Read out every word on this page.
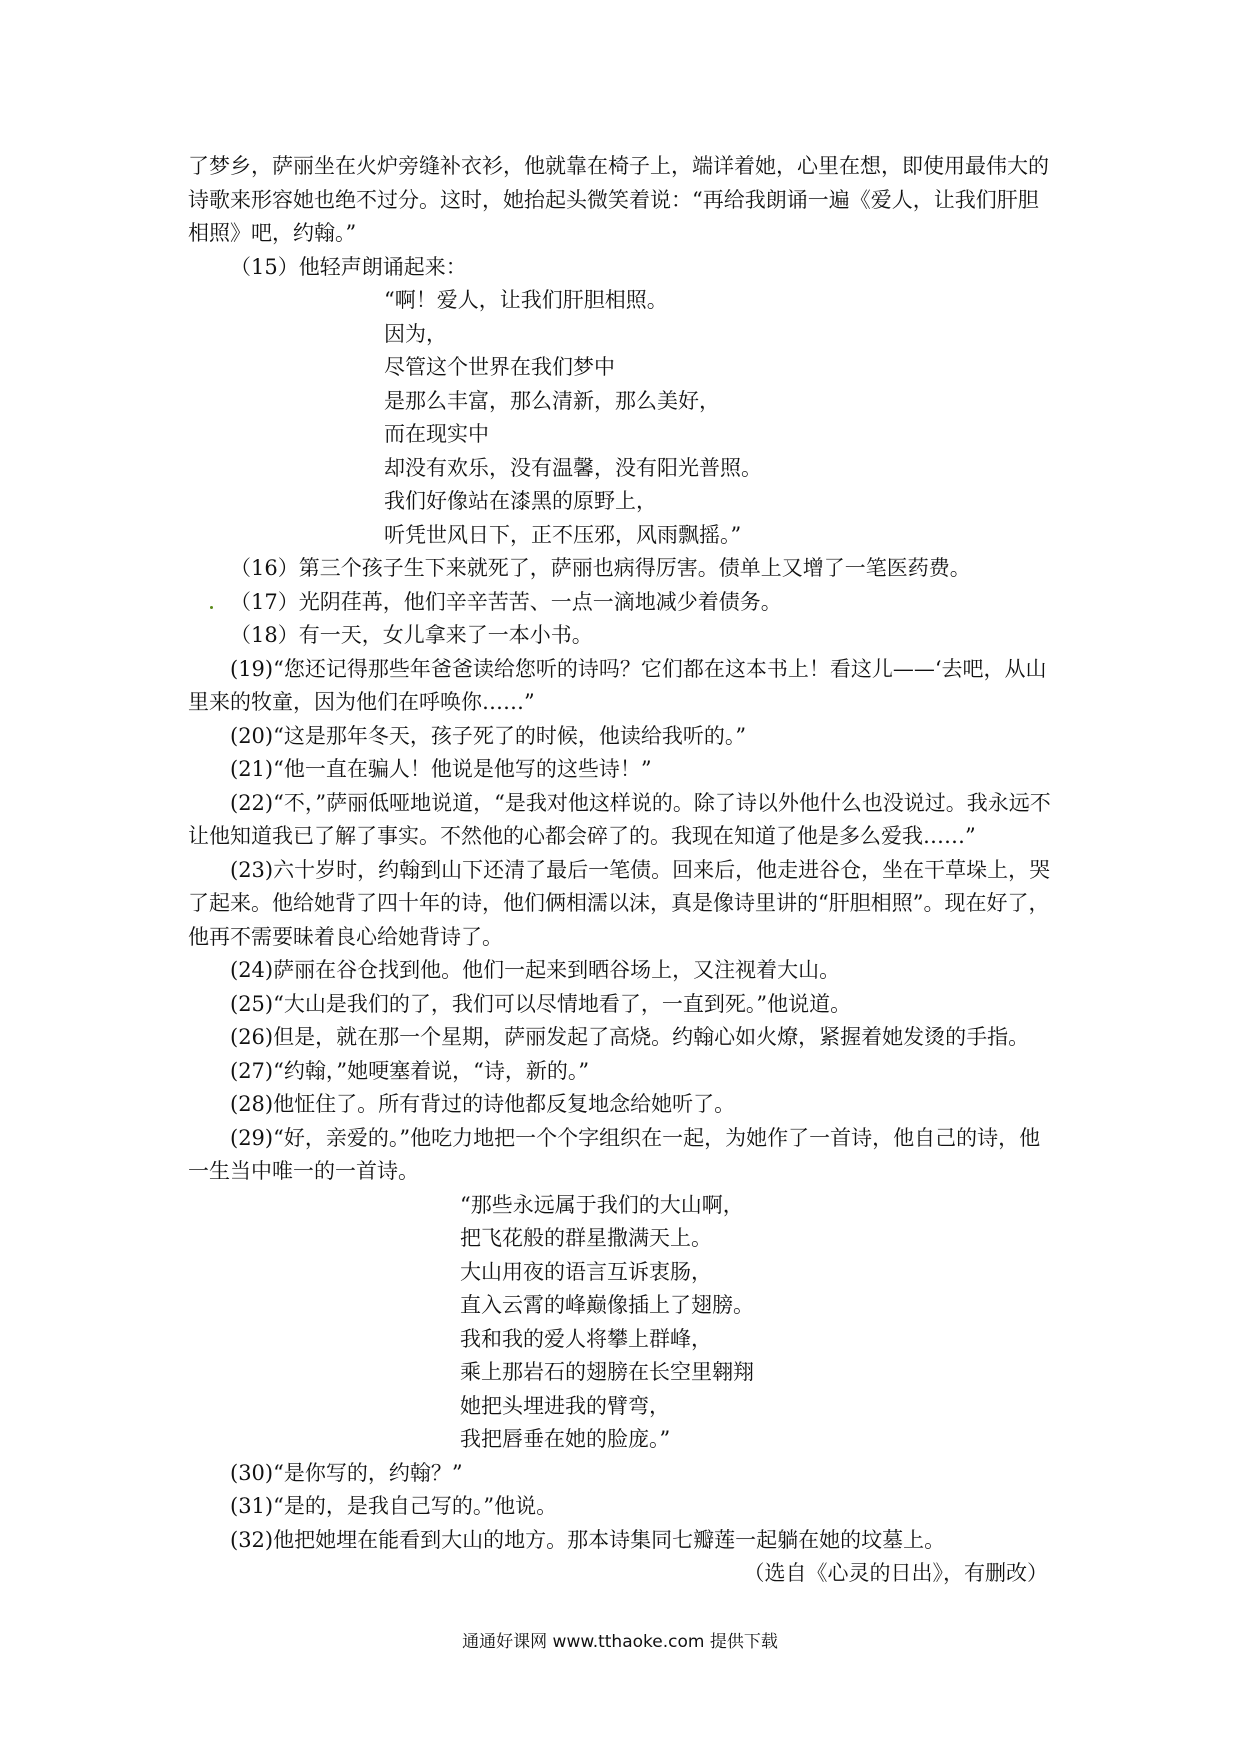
了梦乡，萨丽坐在火炉旁缝补衣衫，他就靠在椅子上，端详着她，心里在想，即使用最伟大的诗歌来形容她也绝不过分。这时，她抬起头微笑着说：“再给我朗诵一遍《爱人，让我们肝胆相照》吧，约翰。”

（15）他轻声朗诵起来：

“啊！爱人，让我们肝胆相照。
因为，
尽管这个世界在我们梦中
是那么丰富，那么清新，那么美好，
而在现实中
却没有欢乐，没有温馨，没有阳光普照。
我们好像站在漆黑的原野上，
听凭世风日下，正不压邪，风雨飘摇。”

（16）第三个孩子生下来就死了，萨丽也病得厉害。债单上又增了一笔医药费。

（17）光阴荏苒，他们辛辛苦苦、一点一滴地减少着债务。

（18）有一天，女儿拿来了一本小书。

(19)“您还记得那些年爸爸读给您听的诗吗？它们都在这本书上！看这儿——‘去吧，从山里来的牧童，因为他们在呼唤你……”

(20)“这是那年冬天，孩子死了的时候，他读给我听的。”

(21)“他一直在骗人！他说是他写的这些诗！”

(22)“不，”萨丽低哑地说道，“是我对他这样说的。除了诗以外他什么也没说过。我永远不让他知道我已了解了事实。不然他的心都会碎了的。我现在知道了他是多么爱我……”

(23)六十岁时，约翰到山下还清了最后一笔债。回来后，他走进谷仓，坐在干草垛上，哭了起来。他给她背了四十年的诗，他们俩相濡以沫，真是像诗里讲的“肝胆相照”。现在好了，他再不需要昧着良心给她背诗了。

(24)萨丽在谷仓找到他。他们一起来到晒谷场上，又注视着大山。

(25)“大山是我们的了，我们可以尽情地看了，一直到死。”他说道。

(26)但是，就在那一个星期，萨丽发起了高烧。约翰心如火燎，紧握着她发烫的手指。

(27)“约翰，”她哽塞着说，“诗，新的。”

(28)他怔住了。所有背过的诗他都反复地念给她听了。

(29)“好，亲爱的。”他吃力地把一个个字组织在一起，为她作了一首诗，他自己的诗，他一生当中唯一的一首诗。

“那些永远属于我们的大山啊，
把飞花般的群星撒满天上。
大山用夜的语言互诉衷肠，
直入云霄的峰巅像插上了翅膀。
我和我的爱人将攀上群峰，
乘上那岩石的翅膀在长空里翱翔
她把头埋进我的臂弯，
我把唇垂在她的脸庞。”

(30)“是你写的，约翰？”

(31)“是的，是我自己写的。”他说。

(32)他把她埋在能看到大山的地方。那本诗集同七瓣莲一起躺在她的坟墓上。

（选自《心灵的日出》，有删改）

通通好课网 www.tthaoke.com 提供下载
